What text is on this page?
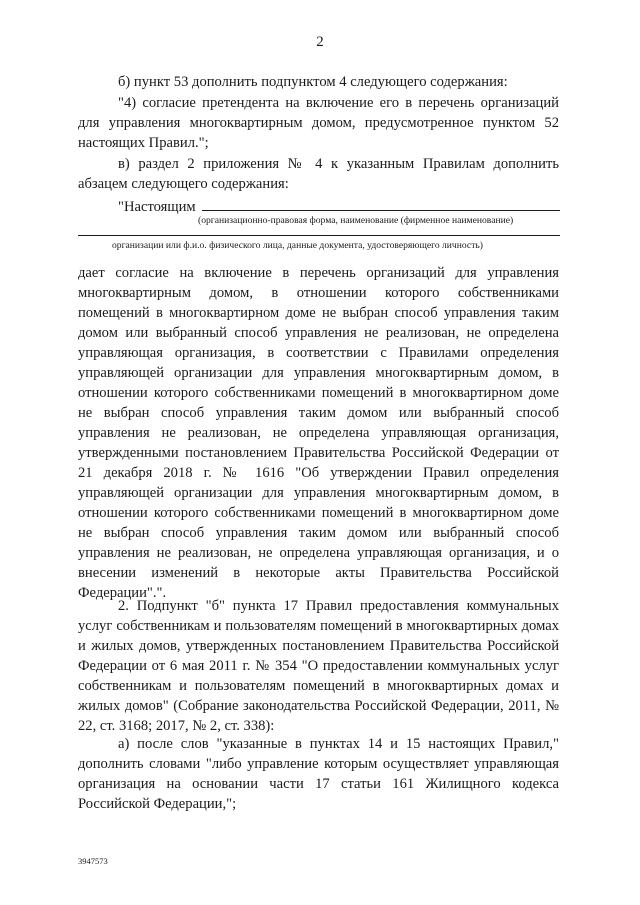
2

б) пункт 53 дополнить подпунктом 4 следующего содержания:

"4) согласие претендента на включение его в перечень организаций для управления многоквартирным домом, предусмотренное пунктом 52 настоящих Правил.";

в) раздел 2 приложения № 4 к указанным Правилам дополнить абзацем следующего содержания:

"Настоящим
(организационно-правовая форма, наименование (фирменное наименование)
организации или ф.и.о. физического лица, данные документа, удостоверяющего личность)

дает согласие на включение в перечень организаций для управления многоквартирным домом, в отношении которого собственниками помещений в многоквартирном доме не выбран способ управления таким домом или выбранный способ управления не реализован, не определена управляющая организация, в соответствии с Правилами определения управляющей организации для управления многоквартирным домом, в отношении которого собственниками помещений в многоквартирном доме не выбран способ управления таким домом или выбранный способ управления не реализован, не определена управляющая организация, утвержденными постановлением Правительства Российской Федерации от 21 декабря 2018 г. № 1616 "Об утверждении Правил определения управляющей организации для управления многоквартирным домом, в отношении которого собственниками помещений в многоквартирном доме не выбран способ управления таким домом или выбранный способ управления не реализован, не определена управляющая организация, и о внесении изменений в некоторые акты Правительства Российской Федерации".".

2. Подпункт "б" пункта 17 Правил предоставления коммунальных услуг собственникам и пользователям помещений в многоквартирных домах и жилых домов, утвержденных постановлением Правительства Российской Федерации от 6 мая 2011 г. № 354 "О предоставлении коммунальных услуг собственникам и пользователям помещений в многоквартирных домах и жилых домов" (Собрание законодательства Российской Федерации, 2011, № 22, ст. 3168; 2017, № 2, ст. 338):

а) после слов "указанные в пунктах 14 и 15 настоящих Правил," дополнить словами "либо управление которым осуществляет управляющая организация на основании части 17 статьи 161 Жилищного кодекса Российской Федерации,";

3947573
